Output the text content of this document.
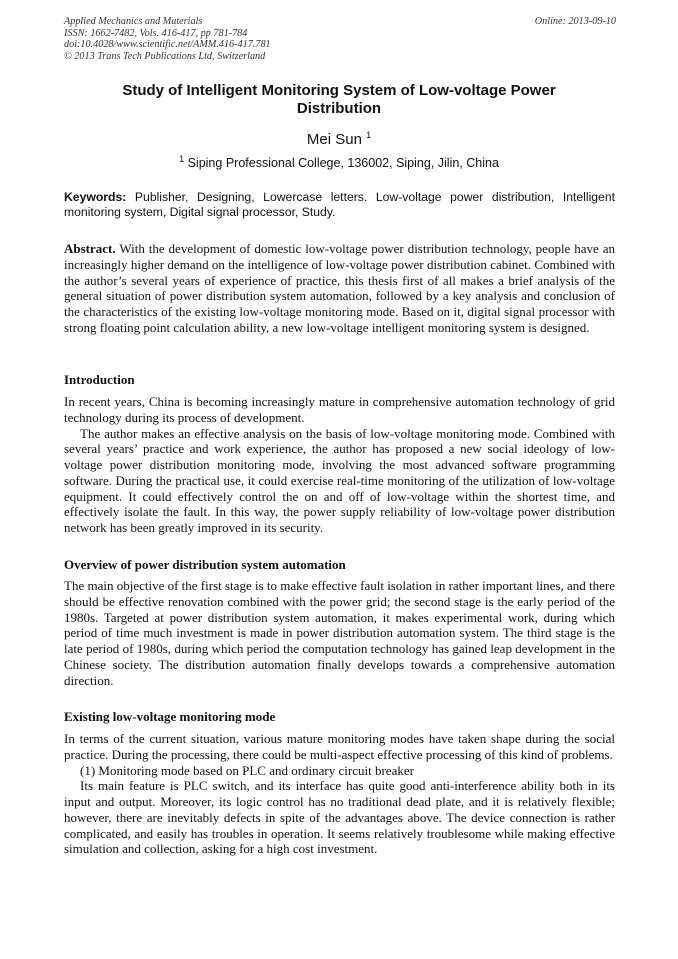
Applied Mechanics and Materials
ISSN: 1662-7482, Vols. 416-417, pp 781-784
doi:10.4028/www.scientific.net/AMM.416-417.781
© 2013 Trans Tech Publications Ltd, Switzerland
Online: 2013-09-10
Study of Intelligent Monitoring System of Low-voltage Power Distribution
Mei Sun $^1$
$^1$ Siping Professional College, 136002, Siping, Jilin, China
Keywords: Publisher, Designing, Lowercase letters. Low-voltage power distribution, Intelligent monitoring system, Digital signal processor, Study.

Abstract. With the development of domestic low-voltage power distribution technology, people have an increasingly higher demand on the intelligence of low-voltage power distribution cabinet. Combined with the author’s several years of experience of practice, this thesis first of all makes a brief analysis of the general situation of power distribution system automation, followed by a key analysis and conclusion of the characteristics of the existing low-voltage monitoring mode. Based on it, digital signal processor with strong floating point calculation ability, a new low-voltage intelligent monitoring system is designed.

Introduction

In recent years, China is becoming increasingly mature in comprehensive automation technology of grid technology during its process of development.

The author makes an effective analysis on the basis of low-voltage monitoring mode. Combined with several years’ practice and work experience, the author has proposed a new social ideology of low-voltage power distribution monitoring mode, involving the most advanced software programming software. During the practical use, it could exercise real-time monitoring of the utilization of low-voltage equipment. It could effectively control the on and off of low-voltage within the shortest time, and effectively isolate the fault. In this way, the power supply reliability of low-voltage power distribution network has been greatly improved in its security.

Overview of power distribution system automation

The main objective of the first stage is to make effective fault isolation in rather important lines, and there should be effective renovation combined with the power grid; the second stage is the early period of the 1980s. Targeted at power distribution system automation, it makes experimental work, during which period of time much investment is made in power distribution automation system. The third stage is the late period of 1980s, during which period the computation technology has gained leap development in the Chinese society. The distribution automation finally develops towards a comprehensive automation direction.

Existing low-voltage monitoring mode

In terms of the current situation, various mature monitoring modes have taken shape during the social practice. During the processing, there could be multi-aspect effective processing of this kind of problems.

(1) Monitoring mode based on PLC and ordinary circuit breaker

Its main feature is PLC switch, and its interface has quite good anti-interference ability both in its input and output. Moreover, its logic control has no traditional dead plate, and it is relatively flexible; however, there are inevitably defects in spite of the advantages above. The device connection is rather complicated, and easily has troubles in operation. It seems relatively troublesome while making effective simulation and collection, asking for a high cost investment.
